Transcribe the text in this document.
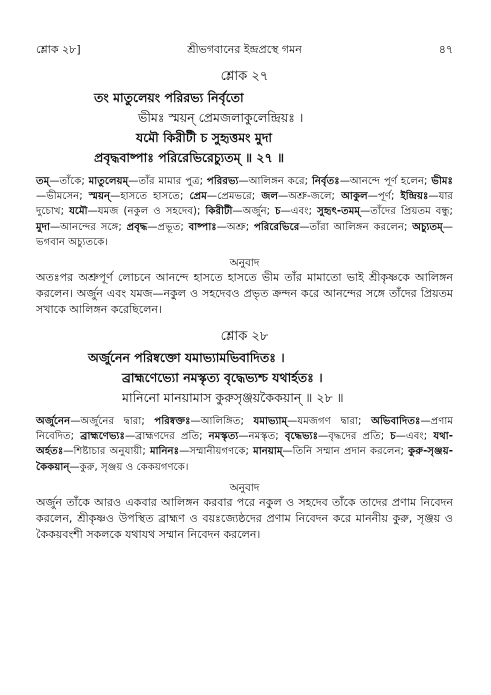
শ্লোক ২৮]	শ্রীভগবানের ইন্দ্রপ্রস্থে গমন	৪৭
শ্লোক ২৭
তং মাতুলেয়ং পরিরভ্য নির্বৃতো
ভীমঃ স্ময়ন্ প্রেমজলাকুলেন্দ্রিয়ঃ ।
যমৌ কিরীটী চ সুহৃত্তমং মুদা
প্রবৃদ্ধবাষ্পাঃ পরিরেভিরেচ্যুতম্ ॥ ২৭ ॥
তম্—তাঁকে; মাতুলেয়ম্—তাঁর মামার পুত্র; পরিরভ্য—আলিঙ্গন করে; নির্বৃতঃ—আনন্দে পূর্ণ হলেন; ভীমঃ—ভীমসেন; স্ময়ন্—হাসতে হাসতে; প্রেম—প্রেমভরে; জল—অশ্রু-জলে; আকুল—পূর্ণ; ইন্দ্রিয়ঃ—যার দুচোখ; যমৌ—যমজ (নকুল ও সহদেব); কিরীটী—অর্জুন; চ—এবং; সুহৃৎ-তমম্—তাঁদের প্রিয়তম বন্ধু; মুদা—আনন্দের সঙ্গে; প্রবৃদ্ধ—প্রভূত; বাষ্পাঃ—অশ্রু; পরিরেভিরে—তাঁরা আলিঙ্গন করলেন; অচ্যুতম্—ভগবান অচ্যুতকে।
অনুবাদ
অতঃপর অশ্রুপূর্ণ লোচনে আনন্দে হাসতে হাসতে ভীম তাঁর মামাতো ভাই শ্রীকৃষ্ণকে আলিঙ্গন করলেন। অর্জুন এবং যমজ—নকুল ও সহদেবও প্রভৃত ক্রন্দন করে আনন্দের সঙ্গে তাঁদের প্রিয়তম সখাকে আলিঙ্গন করেছিলেন।
শ্লোক ২৮
অর্জুনেন পরিষ্বক্তো যমাভ্যামভিবাদিতঃ ।
ব্রাহ্মণেভ্যো নমস্কৃত্য বৃদ্ধেভ্যশ্চ যথার্হতঃ ।
মানিনো মানয়ামাস কুরুসৃঞ্জয়কৈকয়ান্ ॥ ২৮ ॥
অর্জুনেন—অর্জুনের দ্বারা; পরিষ্বক্তঃ—আলিঙ্গিত; যমাভ্যাম্—যমজগণ দ্বারা; অভিবাদিতঃ—প্রণাম নিবেদিত; ব্রাহ্মণেভ্যঃ—ব্রাহ্মণদের প্রতি; নমস্কৃত্য—নমস্কৃত; বৃদ্ধেভ্যঃ—বৃদ্ধদের প্রতি; চ—এবং; যথা-অর্হতঃ—শিষ্টাচার অনুযায়ী; মানিনঃ—সম্মানীয়গণকে; মানয়াম্—তিনি সম্মান প্রদান করলেন; কুরু-সৃঞ্জয়-কৈকয়ান্—কুরু, সৃঞ্জয় ও কেকয়গণকে।
অনুবাদ
অর্জুন তাঁকে আরও একবার আলিঙ্গন করবার পরে নকুল ও সহদেব তাঁকে তাদের প্রণাম নিবেদন করলেন, শ্রীকৃষ্ণও উপস্থিত ব্রাহ্মণ ও বয়ঃজ্যেষ্ঠদের প্রণাম নিবেদন করে মাননীয় কুরু, সৃঞ্জয় ও কৈকয়বংশী সকলকে যথাযথ সম্মান নিবেদন করলেন।
